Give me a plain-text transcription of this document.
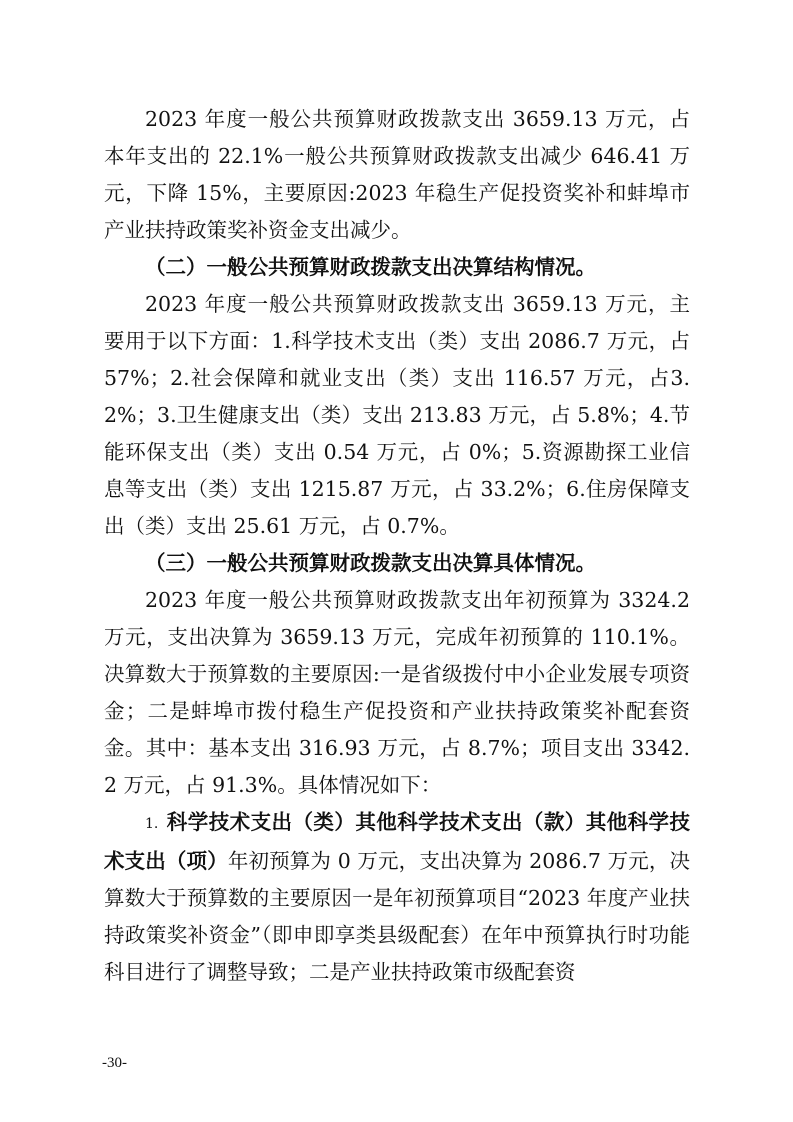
2023 年度一般公共预算财政拨款支出 3659.13 万元，占本年支出的 22.1%一般公共预算财政拨款支出减少 646.41 万元，下降 15%，主要原因:2023 年稳生产促投资奖补和蚌埠市产业扶持政策奖补资金支出减少。

（二）一般公共预算财政拨款支出决算结构情况。

2023 年度一般公共预算财政拨款支出 3659.13 万元，主要用于以下方面：1.科学技术支出（类）支出 2086.7 万元，占57%；2.社会保障和就业支出（类）支出 116.57 万元，占3.2%；3.卫生健康支出（类）支出 213.83 万元，占 5.8%；4.节能环保支出（类）支出 0.54 万元，占 0%；5.资源勘探工业信息等支出（类）支出 1215.87 万元，占 33.2%；6.住房保障支出（类）支出 25.61 万元，占 0.7%。

（三）一般公共预算财政拨款支出决算具体情况。

2023 年度一般公共预算财政拨款支出年初预算为 3324.2 万元，支出决算为 3659.13 万元，完成年初预算的 110.1%。决算数大于预算数的主要原因:一是省级拨付中小企业发展专项资金；二是蚌埠市拨付稳生产促投资和产业扶持政策奖补配套资金。其中：基本支出 316.93 万元，占 8.7%；项目支出 3342.2 万元，占 91.3%。具体情况如下：

1. 科学技术支出（类）其他科学技术支出（款）其他科学技术支出（项）年初预算为 0 万元，支出决算为 2086.7 万元，决算数大于预算数的主要原因一是年初预算项目“2023 年度产业扶持政策奖补资金”（即申即享类县级配套）在年中预算执行时功能科目进行了调整导致；二是产业扶持政策市级配套资

-30-
